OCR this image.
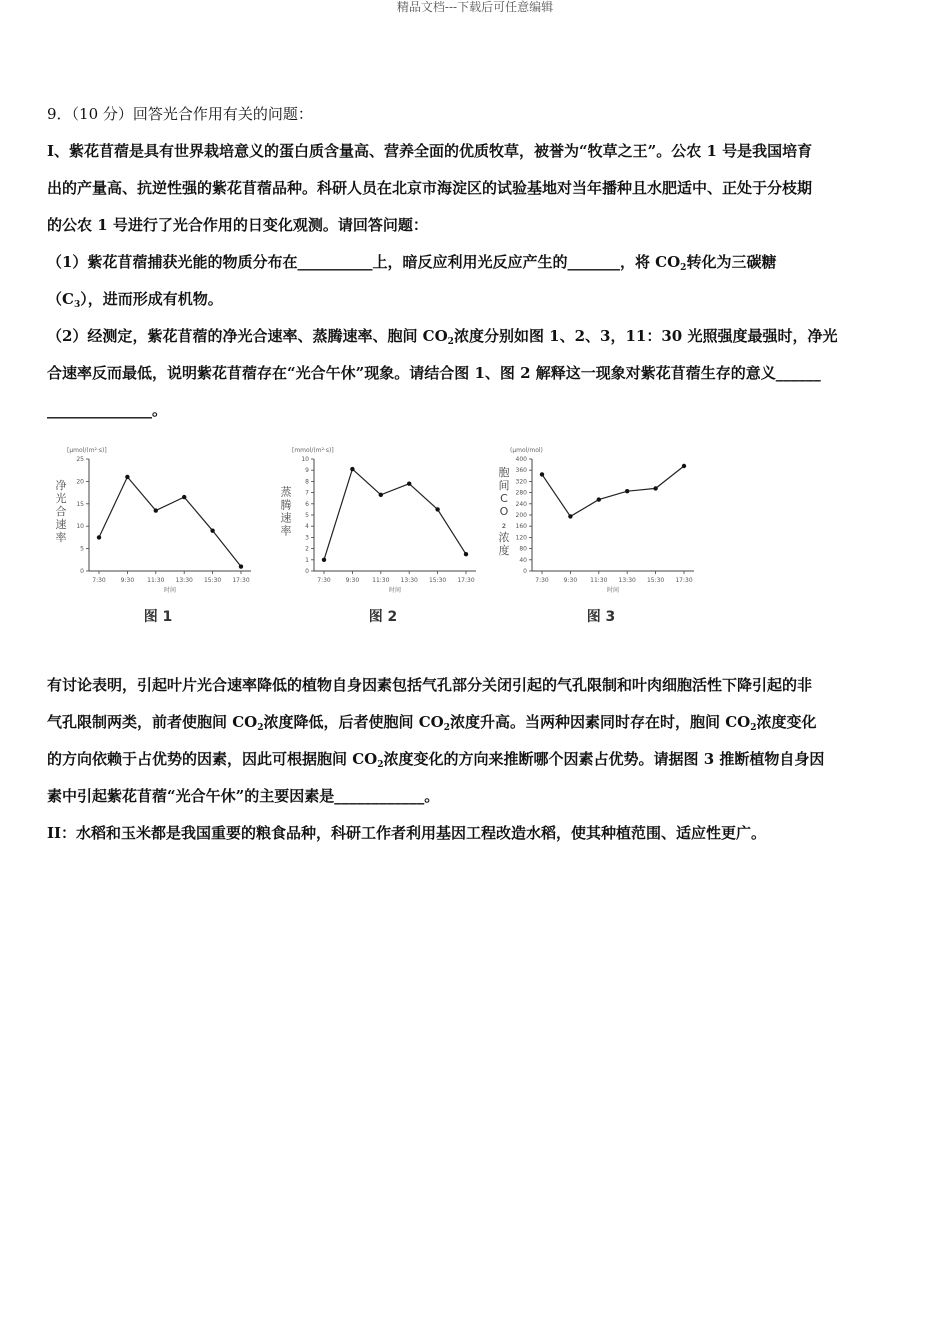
精品文档---下载后可任意编辑
9．（10 分）回答光合作用有关的问题：
I、紫花苜蓿是具有世界栽培意义的蛋白质含量高、营养全面的优质牧草，被誉为“牧草之王”。公农 1 号是我国培育
出的产量高、抗逆性强的紫花苜蓿品种。科研人员在北京市海淀区的试验基地对当年播种且水肥适中、正处于分枝期
的公农 1 号进行了光合作用的日变化观测。请回答问题：
（1）紫花苜蓿捕获光能的物质分布在__________上，暗反应利用光反应产生的_______，将 $CO_2$转化为三碳糖
$(C_3)$，进而形成有机物。
（2）经测定，紫花苜蓿的净光合速率、蒸腾速率、胞间 $CO_2$浓度分别如图 1、2、3，11：30 光照强度最强时，净光
合速率反而最低，说明紫花苜蓿存在“光合午休”现象。请结合图 1、图 2 解释这一现象对紫花苜蓿生存的意义______
______________。
[μmol/(m²·s)]
0
5
10
15
20
25
7:30 9:30 11:30 13:30 15:30 17:30
时间
净光合速率
图 1
[mmol/(m²·s)]
0
1
2
3
4
5
6
7
8
9
10
7:30 9:30 11:30 13:30 15:30 17:30
时间
蒸腾速率
图 2
(μmol/mol)
0
40
80
120
160
200
240
280
320
360
400
7:30 9:30 11:30 13:30 15:30 17:30
时间
胞间 C O ₂ 浓度
图 3
有讨论表明，引起叶片光合速率降低的植物自身因素包括气孔部分关闭引起的气孔限制和叶肉细胞活性下降引起的非
气孔限制两类，前者使胞间 $CO_2$浓度降低，后者使胞间 $CO_2$浓度升高。当两种因素同时存在时，胞间 $CO_2$浓度变化
的方向依赖于占优势的因素，因此可根据胞间 $CO_2$浓度变化的方向来推断哪个因素占优势。请据图 3 推断植物自身因
素中引起紫花苜蓿“光合午休”的主要因素是____________。
II：水稻和玉米都是我国重要的粮食品种，科研工作者利用基因工程改造水稻，使其种植范围、适应性更广。
